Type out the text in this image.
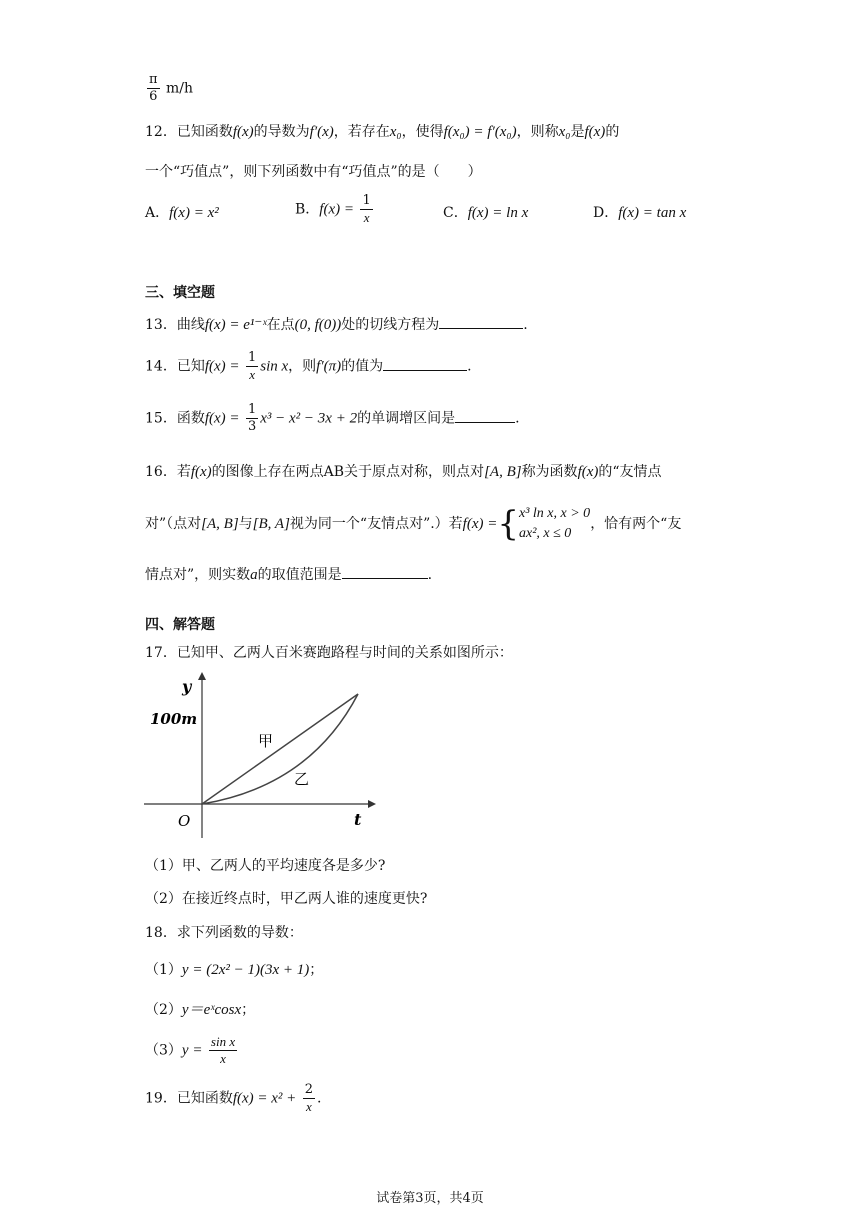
$\frac{\pi}{6} m/h$
12．已知函数f(x)的导数为f′(x)，若存在x₀，使得f(x₀) = f′(x₀)，则称x₀是f(x)的
一个“巧值点”，则下列函数中有“巧值点”的是（　　）
A．f(x) = x²	B．$f(x) = \frac{1}{x}$	C．f(x) = ln x	D．f(x) = tan x
三、填空题
13．曲线f(x) = e¹⁻ˣ在点(0, f(0))处的切线方程为	.
14．已知$f(x) = \frac{1}{x}$ sin x，则f′(π)的值为	.
15．函数$f(x) = \frac{1}{3} x^3 - x^2 - 3x + 2$的单调增区间是	.
16．若f(x)的图像上存在两点AB关于原点对称，则点对[A, B]称为函数f(x)的“友情点
对”（点对[A, B]与[B, A]视为同一个“友情点对”.）若f(x) ={ x³ ln x, x > 0
ax², x ≤ 0
，恰有两个“友
情点对”，则实数a的取值范围是	.
四、解答题
17．已知甲、乙两人百米赛跑路程与时间的关系如图所示：
y
100m
甲
乙
O	t
（1）甲、乙两人的平均速度各是多少?
（2）在接近终点时，甲乙两人谁的速度更快?
18．求下列函数的导数：
（1）y = (2x² − 1)(3x + 1)；
（2）y＝eˣcosx；
$(3)y = \frac{\text{sin x}}{x}$
19．已知函数$f(x) = x^2 + \frac{2}{x}$ .
试卷第3页，共4页
